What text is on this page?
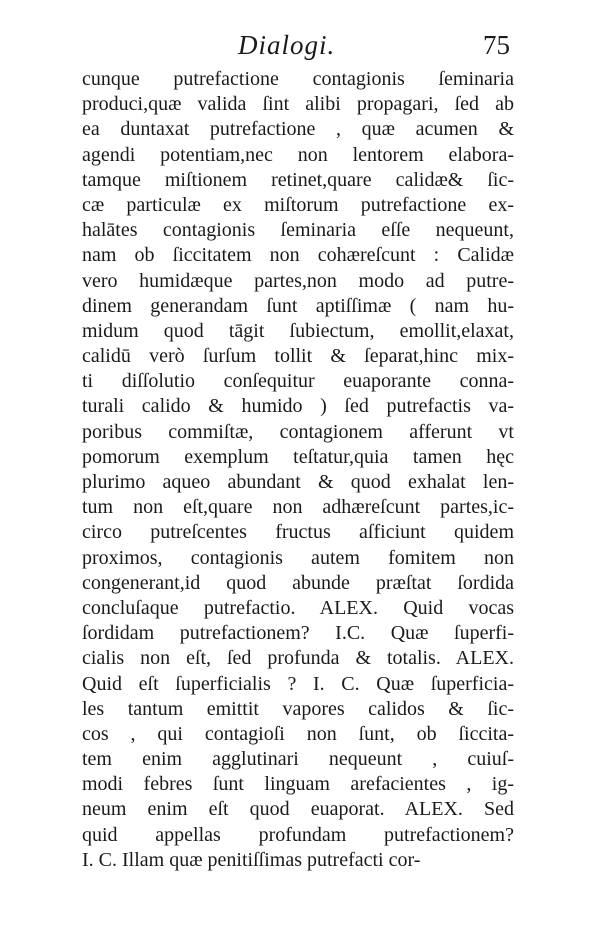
Dialogi.	75
cunque putrefactione contagionis ſeminaria
produci,quæ valida ſint alibi propagari, ſed ab
ea duntaxat putrefactione , quæ acumen &
agendi potentiam,nec non lentorem elabora-
tamque miſtionem retinet,quare calidæ& ſic-
cæ particulæ ex miſtorum putrefactione ex-
halātes contagionis ſeminaria eſſe nequeunt,
nam ob ſiccitatem non cohæreſcunt : Calidæ
vero humidæque partes,non modo ad putre-
dinem generandam ſunt aptiſſimæ ( nam hu-
midum quod tāgit ſubiectum, emollit,elaxat,
calidū verò ſurſum tollit & ſeparat,hinc mix-
ti diſſolutio conſequitur euaporante conna-
turali calido & humido ) ſed putrefactis va-
poribus commiſtæ, contagionem afferunt vt
pomorum exemplum teſtatur,quia tamen hęc
plurimo aqueo abundant & quod exhalat len-
tum non eſt,quare non adhæreſcunt partes,ic-
circo putreſcentes fructus aſficiunt quidem
proximos, contagionis autem fomitem non
congenerant,id quod abunde præſtat ſordida
concluſaque putrefactio. ALEX. Quid vocas
ſordidam putrefactionem? I.C. Quæ ſuperfi-
cialis non eſt, ſed profunda & totalis. ALEX.
Quid eſt ſuperficialis ? I. C. Quæ ſuperficia-
les tantum emittit vapores calidos & ſic-
cos , qui contagioſi non ſunt, ob ſiccita-
tem enim agglutinari nequeunt , cuiuſ-
modi febres ſunt linguam arefacientes , ig-
neum enim eſt quod euaporat. ALEX. Sed
quid appellas profundam putrefactionem?
I. C. Illam quæ penitiſſimas putrefacti cor-
